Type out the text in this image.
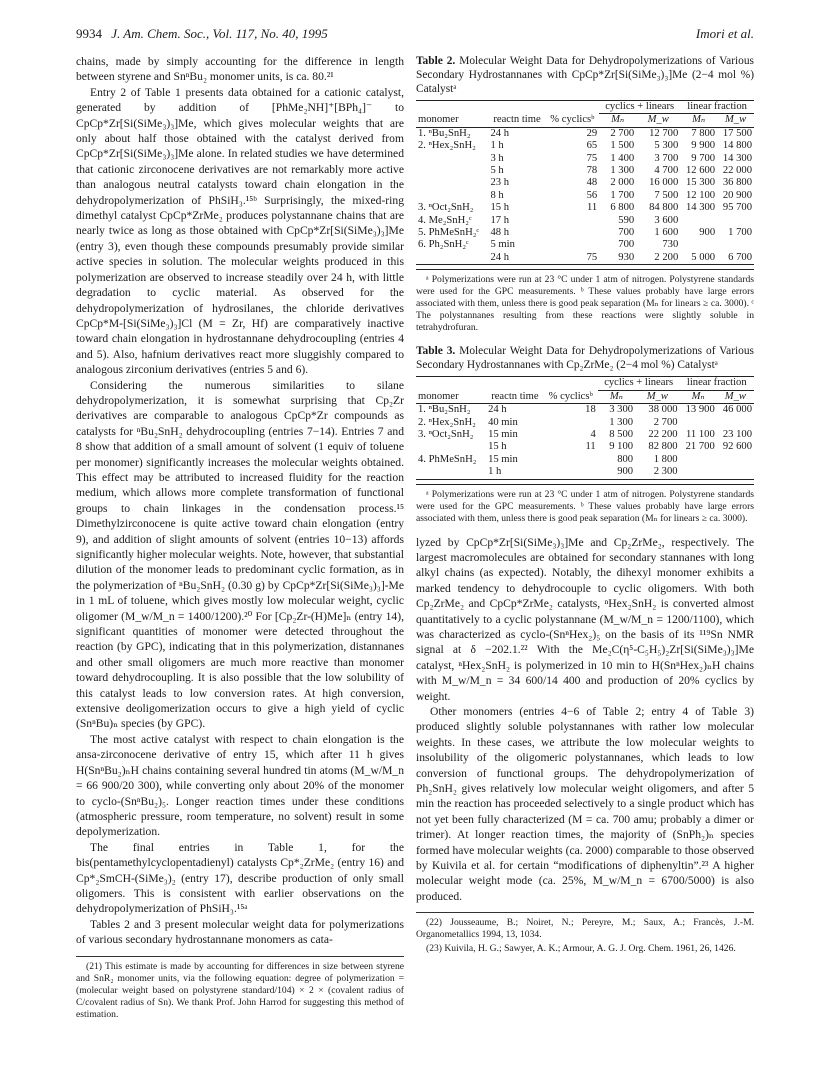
9934 J. Am. Chem. Soc., Vol. 117, No. 40, 1995	Imori et al.

chains, made by simply accounting for the difference in length between styrene and SnⁿBu₂ monomer units, is ca. 80.²¹

Entry 2 of Table 1 presents data obtained for a cationic catalyst, generated by addition of [PhMe₂NH]⁺[BPh₄]⁻ to CpCp*Zr[Si(SiMe₃)₃]Me, which gives molecular weights that are only about half those obtained with the catalyst derived from CpCp*Zr[Si(SiMe₃)₃]Me alone. In related studies we have determined that cationic zirconocene derivatives are not remarkably more active than analogous neutral catalysts toward chain elongation in the dehydropolymerization of PhSiH₃.¹⁵ᵇ Surprisingly, the mixed-ring dimethyl catalyst CpCp*ZrMe₂ produces polystannane chains that are nearly twice as long as those obtained with CpCp*Zr[Si(SiMe₃)₃]Me (entry 3), even though these compounds presumably provide similar active species in solution. The molecular weights produced in this polymerization are observed to increase steadily over 24 h, with little degradation to cyclic material. As observed for the dehydropolymerization of hydrosilanes, the chloride derivatives CpCp*M-[Si(SiMe₃)₃]Cl (M = Zr, Hf) are comparatively inactive toward chain elongation in hydrostannane dehydrocoupling (entries 4 and 5). Also, hafnium derivatives react more sluggishly compared to analogous zirconium derivatives (entries 5 and 6).

Considering the numerous similarities to silane dehydropolymerization, it is somewhat surprising that Cp₂Zr derivatives are comparable to analogous CpCp*Zr compounds as catalysts for ⁿBu₂SnH₂ dehydrocoupling (entries 7−14). Entries 7 and 8 show that addition of a small amount of solvent (1 equiv of toluene per monomer) significantly increases the molecular weights obtained. This effect may be attributed to increased fluidity for the reaction medium, which allows more complete transformation of functional groups to chain linkages in the condensation process.¹⁵ Dimethylzirconocene is quite active toward chain elongation (entry 9), and addition of slight amounts of solvent (entries 10−13) affords significantly higher molecular weights. Note, however, that substantial dilution of the monomer leads to predominant cyclic formation, as in the polymerization of ⁿBu₂SnH₂ (0.30 g) by CpCp*Zr[Si(SiMe₃)₃]-Me in 1 mL of toluene, which gives mostly low molecular weight, cyclic oligomer (M_w/M_n = 1400/1200).²⁰ For [Cp₂Zr-(H)Me]ₙ (entry 14), significant quantities of monomer were detected throughout the reaction (by GPC), indicating that in this polymerization, distannanes and other small oligomers are much more reactive than monomer toward dehydrocoupling. It is also possible that the low solubility of this catalyst leads to low conversion rates. At high conversion, extensive deoligomerization occurs to give a high yield of cyclic (SnⁿBu)ₙ species (by GPC).

The most active catalyst with respect to chain elongation is the ansa-zirconocene derivative of entry 15, which after 11 h gives H(SnⁿBu₂)ₙH chains containing several hundred tin atoms (M_w/M_n = 66 900/20 300), while converting only about 20% of the monomer to cyclo-(SnⁿBu₂)₅. Longer reaction times under these conditions (atmospheric pressure, room temperature, no solvent) result in some depolymerization.

The final entries in Table 1, for the bis(pentamethylcyclopentadienyl) catalysts Cp*₂ZrMe₂ (entry 16) and Cp*₂SmCH-(SiMe₃)₂ (entry 17), describe production of only small oligomers. This is consistent with earlier observations on the dehydropolymerization of PhSiH₃.¹⁵ᵃ

Tables 2 and 3 present molecular weight data for polymerizations of various secondary hydrostannane monomers as cata-

(21) This estimate is made by accounting for differences in size between styrene and SnR₂ monomer units, via the following equation: degree of polymerization = (molecular weight based on polystyrene standard/104) × 2 × (covalent radius of C/covalent radius of Sn). We thank Prof. John Harrod for suggesting this method of estimation.

Table 2. Molecular Weight Data for Dehydropolymerizations of Various Secondary Hydrostannanes with CpCp*Zr[Si(SiMe₃)₃]Me (2−4 mol %) Catalystᵃ
			cyclics + linears		linear fraction	
monomer	reactn time	% cyclicsᵇ	Mₙ	M_w	Mₙ	M_w
1. ⁿBu₂SnH₂	24 h	29	2 700	12 700	7 800	17 500
2. ⁿHex₂SnH₂	1 h	65	1 500	5 300	9 900	14 800
	3 h	75	1 400	3 700	9 700	14 300
	5 h	78	1 300	4 700	12 600	22 000
	23 h	48	2 000	16 000	15 300	36 800
	8 h	56	1 700	7 500	12 100	20 900
3. ⁿOct₂SnH₂	15 h	11	6 800	84 800	14 300	95 700
4. Me₂SnH₂ᶜ	17 h		590	3 600		
5. PhMeSnH₂ᶜ	48 h		700	1 600	900	1 700
6. Ph₂SnH₂ᶜ	5 min		700	730		
	24 h	75	930	2 200	5 000	6 700

ᵃ Polymerizations were run at 23 °C under 1 atm of nitrogen. Polystyrene standards were used for the GPC measurements. ᵇ These values probably have large errors associated with them, unless there is good peak separation (Mₙ for linears ≥ ca. 3000). ᶜ The polystannanes resulting from these reactions were slightly soluble in tetrahydrofuran.

Table 3. Molecular Weight Data for Dehydropolymerizations of Various Secondary Hydrostannanes with Cp₂ZrMe₂ (2−4 mol %) Catalystᵃ
			cyclics + linears		linear fraction	
monomer	reactn time	% cyclicsᵇ	Mₙ	M_w	Mₙ	M_w
1. ⁿBu₂SnH₂	24 h	18	3 300	38 000	13 900	46 000
2. ⁿHex₂SnH₂	40 min		1 300	2 700		
3. ⁿOct₂SnH₂	15 min	4	8 500	22 200	11 100	23 100
	15 h	11	9 100	82 800	21 700	92 600
4. PhMeSnH₂	15 min		800	1 800		
	1 h		900	2 300		

ᵃ Polymerizations were run at 23 °C under 1 atm of nitrogen. Polystyrene standards were used for the GPC measurements. ᵇ These values probably have large errors associated with them, unless there is good peak separation (Mₙ for linears ≥ ca. 3000).

lyzed by CpCp*Zr[Si(SiMe₃)₃]Me and Cp₂ZrMe₂, respectively. The largest macromolecules are obtained for secondary stannanes with long alkyl chains (as expected). Notably, the dihexyl monomer exhibits a marked tendency to dehydrocouple to cyclic oligomers. With both Cp₂ZrMe₂ and CpCp*ZrMe₂ catalysts, ⁿHex₂SnH₂ is converted almost quantitatively to a cyclic polystannane (M_w/M_n = 1200/1100), which was characterized as cyclo-(SnⁿHex₂)₅ on the basis of its ¹¹⁹Sn NMR signal at δ −202.1.²² With the Me₂C(η⁵-C₅H₅)₂Zr[Si(SiMe₃)₃]Me catalyst, ⁿHex₂SnH₂ is polymerized in 10 min to H(SnⁿHex₂)ₙH chains with M_w/M_n = 34 600/14 400 and production of 20% cyclics by weight.

Other monomers (entries 4−6 of Table 2; entry 4 of Table 3) produced slightly soluble polystannanes with rather low molecular weights. In these cases, we attribute the low molecular weights to insolubility of the oligomeric polystannanes, which leads to low conversion of functional groups. The dehydropolymerization of Ph₂SnH₂ gives relatively low molecular weight oligomers, and after 5 min the reaction has proceeded selectively to a single product which has not yet been fully characterized (M = ca. 700 amu; probably a dimer or trimer). At longer reaction times, the majority of (SnPh₂)ₙ species formed have molecular weights (ca. 2000) comparable to those observed by Kuivila et al. for certain “modifications of diphenyltin”.²³ A higher molecular weight mode (ca. 25%, M_w/M_n = 6700/5000) is also produced.

(22) Jousseaume, B.; Noiret, N.; Pereyre, M.; Saux, A.; Francès, J.-M. Organometallics 1994, 13, 1034.

(23) Kuivila, H. G.; Sawyer, A. K.; Armour, A. G. J. Org. Chem. 1961, 26, 1426.
